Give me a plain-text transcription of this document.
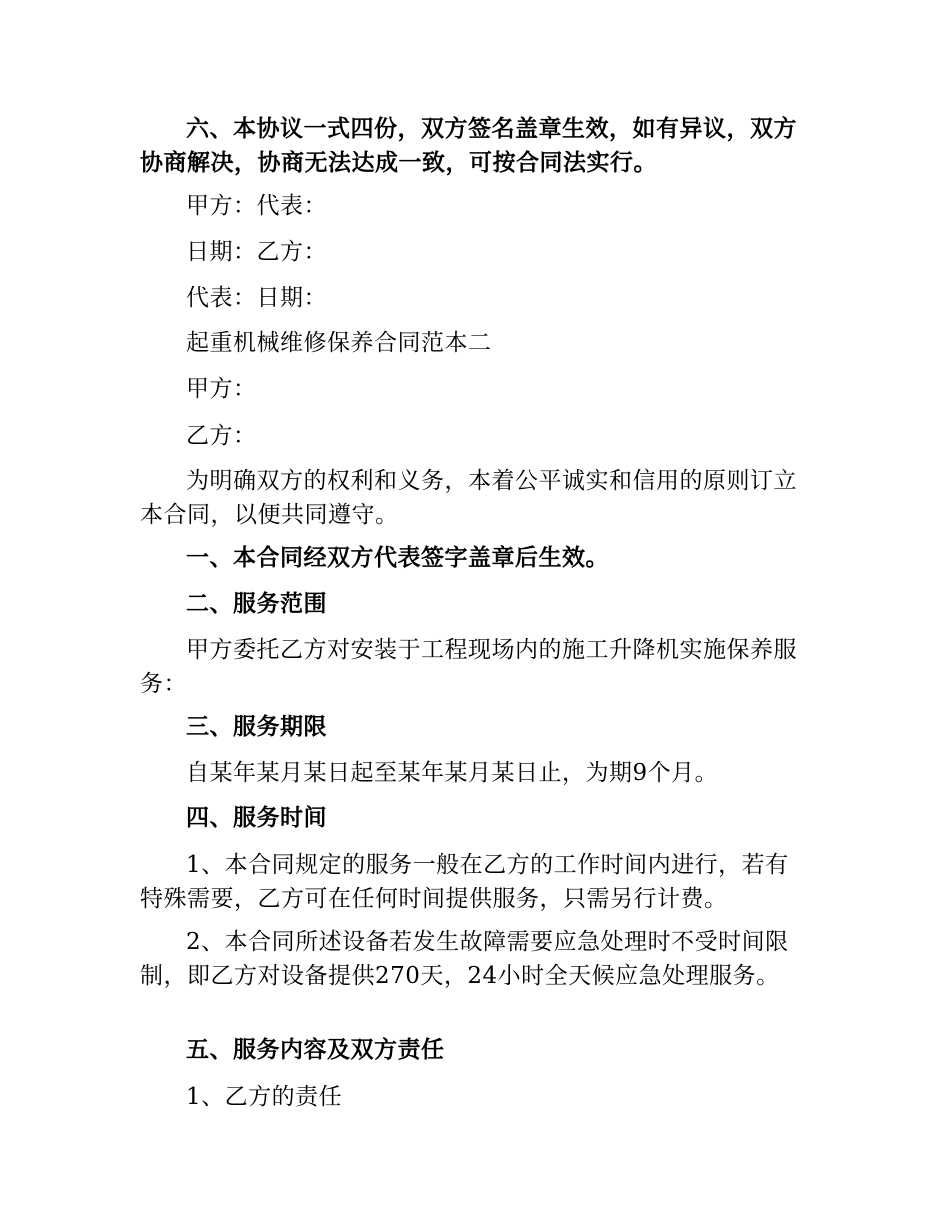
六、本协议一式四份，双方签名盖章生效，如有异议，双方协商解决，协商无法达成一致，可按合同法实行。

甲方：代表：

日期：乙方：

代表：日期：

起重机械维修保养合同范本二

甲方：

乙方：

为明确双方的权利和义务，本着公平诚实和信用的原则订立本合同，以便共同遵守。

一、本合同经双方代表签字盖章后生效。

二、服务范围

甲方委托乙方对安装于工程现场内的施工升降机实施保养服务：

三、服务期限

自某年某月某日起至某年某月某日止，为期9个月。

四、服务时间

1、本合同规定的服务一般在乙方的工作时间内进行，若有特殊需要，乙方可在任何时间提供服务，只需另行计费。

2、本合同所述设备若发生故障需要应急处理时不受时间限制，即乙方对设备提供270天，24小时全天候应急处理服务。

五、服务内容及双方责任

1、乙方的责任
